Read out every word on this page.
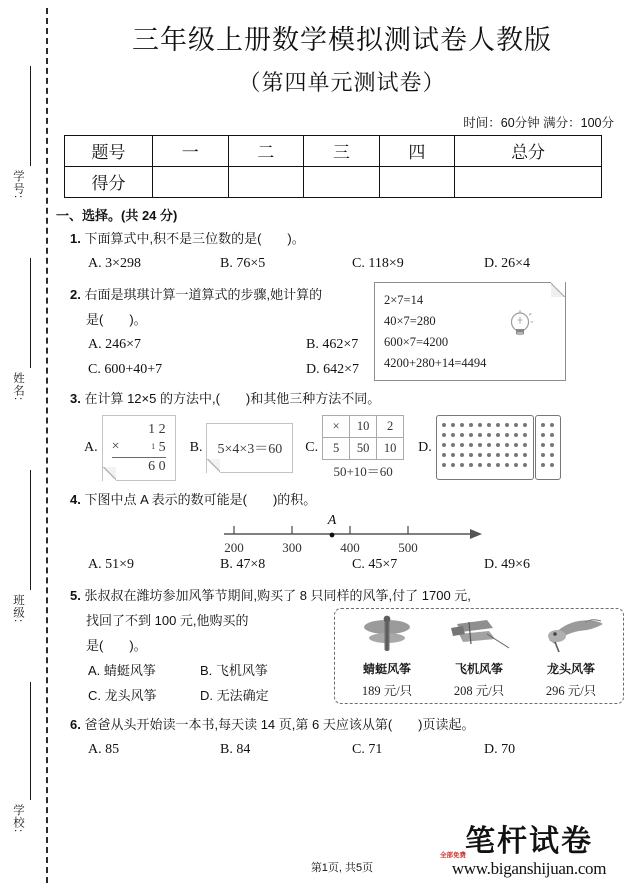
学号:
姓名:
班级:
学校:
三年级上册数学模拟测试卷人教版
（第四单元测试卷）
时间：60分钟 满分：100分
题号	一	二	三	四	总分
得分					
一、选择。(共 24 分)
1. 下面算式中,积不是三位数的是(　　)。
A. 3×298	B. 76×5	C. 118×9	D. 26×4
2. 右面是琪琪计算一道算式的步骤,她计算的
是(　　)。
A. 246×7	B. 462×7
C. 600+40+7	D. 642×7
2×7=14
40×7=280
600×7=4200
4200+280+14=4494
3. 在计算 12×5 的方法中,(　　)和其他三种方法不同。
A.
1 2
×	1 5
6 0
B.	5×4×3＝60	C.
×	10	2
5	50	10
50+10＝60
D.
4. 下图中点 A 表示的数可能是(　　)的积。
A
200	300	400	500
A. 51×9	B. 47×8	C. 45×7	D. 49×6
5. 张叔叔在潍坊参加风筝节期间,购买了 8 只同样的风筝,付了 1700 元,
找回了不到 100 元,他购买的
是(　　)。
A. 蜻蜓风筝	B. 飞机风筝
C. 龙头风筝	D. 无法确定
蜻蜓风筝
189 元/只
飞机风筝
208 元/只
龙头风筝
296 元/只
6. 爸爸从头开始读一本书,每天读 14 页,第 6 天应该从第(　　)页读起。
A. 85	B. 84	C. 71	D. 70
第1页, 共5页
全部免费 笔杆试卷
www.biganshijuan.com
